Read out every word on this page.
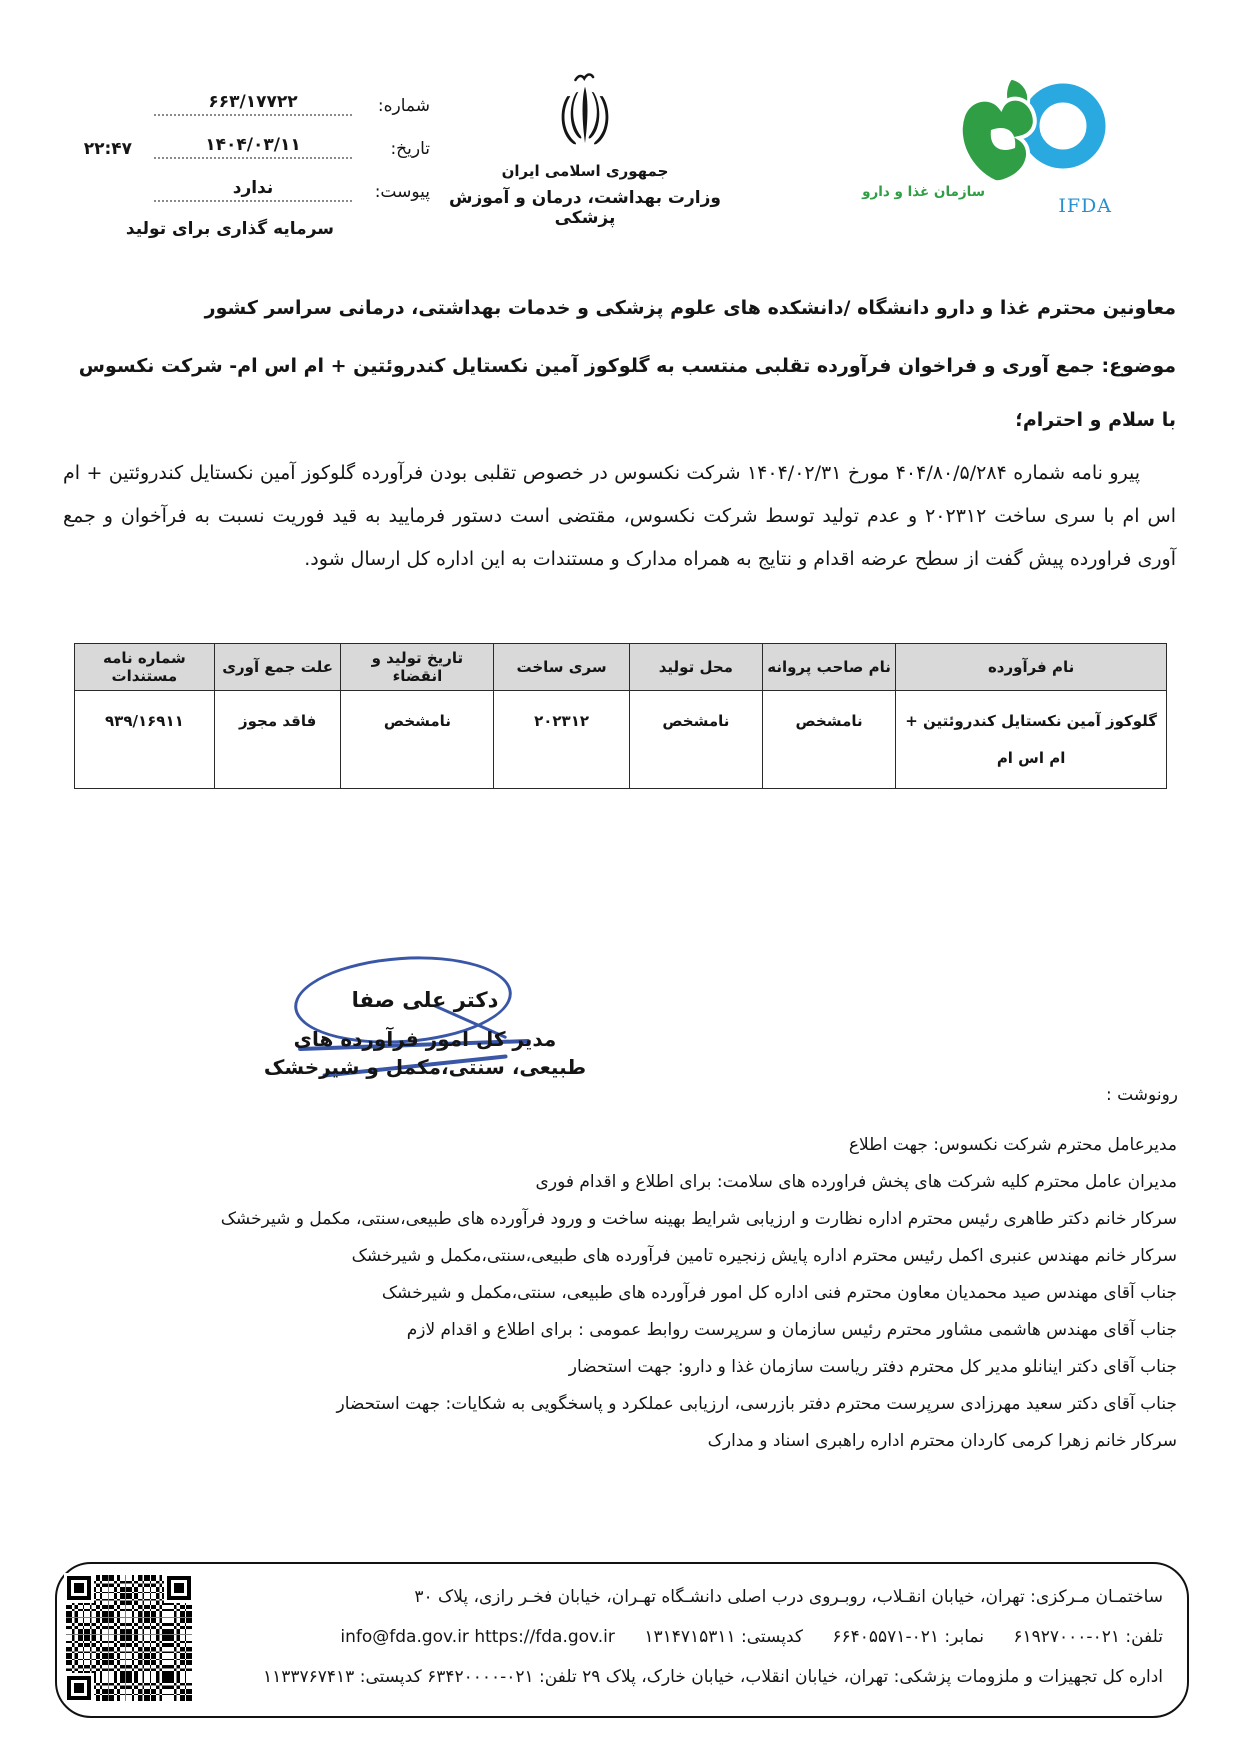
شماره:
۶۶۳/۱۷۷۲۲
تاریخ:
۱۴۰۴/۰۳/۱۱
۲۲:۴۷
پیوست:
ندارد
سرمایه گذاری برای تولید
جمهوری اسلامی ایران
وزارت بهداشت، درمان و آموزش پزشکی
سازمان غذا و دارو
IFDA
معاونین محترم غذا و دارو دانشگاه /دانشکده های علوم پزشکی و خدمات بهداشتی، درمانی سراسر کشور
موضوع: جمع آوری و فراخوان فرآورده تقلبی منتسب به گلوکوز آمین نکستایل کندروئتین + ام اس ام- شرکت نکسوس
با سلام و احترام؛
پیرو نامه شماره ۴۰۴/۸۰/۵/۲۸۴ مورخ ۱۴۰۴/۰۲/۳۱ شرکت نکسوس در خصوص تقلبی بودن فرآورده گلوکوز آمین نکستایل کندروئتین + ام اس ام با سری ساخت ۲۰۲۳۱۲ و عدم تولید توسط شرکت نکسوس، مقتضی است دستور فرمایید به قید فوریت نسبت به فرآخوان و جمع آوری فراورده پیش گفت از سطح عرضه اقدام و نتایج به همراه مدارک و مستندات به این اداره کل ارسال شود.
نام فرآورده	نام صاحب پروانه	محل تولید	سری ساخت	تاریخ تولید و انقضاء	علت جمع آوری	شماره نامه مستندات
گلوکوز آمین نکستایل کندروئتین + ام اس ام	نامشخص	نامشخص	۲۰۲۳۱۲	نامشخص	فاقد مجوز	۹۳۹/۱۶۹۱۱
دکتر علی صفا
مدیر کل امور فرآورده های
طبیعی، سنتی،مکمل و شیرخشک
رونوشت :
مدیرعامل محترم شرکت نکسوس: جهت اطلاع
مدیران عامل محترم کلیه شرکت های پخش فراورده های سلامت: برای اطلاع و اقدام فوری
سرکار خانم دکتر طاهری رئیس محترم اداره نظارت و ارزیابی شرایط بهینه ساخت و ورود فرآورده های طبیعی،سنتی، مکمل و شیرخشک
سرکار خانم مهندس عنبری اکمل رئیس محترم اداره پایش زنجیره تامین فرآورده های طبیعی،سنتی،مکمل و شیرخشک
جناب آقای مهندس صید محمدیان معاون محترم فنی اداره کل امور فرآورده های طبیعی، سنتی،مکمل و شیرخشک
جناب آقای مهندس هاشمی مشاور محترم رئیس سازمان و سرپرست روابط عمومی : برای اطلاع و اقدام لازم
جناب آقای دکتر اینانلو مدیر کل محترم دفتر ریاست سازمان غذا و دارو: جهت استحضار
جناب آقای دکتر سعید مهرزادی سرپرست محترم دفتر بازرسی، ارزیابی عملکرد و پاسخگویی به شکایات: جهت استحضار
سرکار خانم زهرا کرمی کاردان محترم اداره راهبری اسناد و مدارک
ساختمـان مـرکزی: تهران، خیابان انقـلاب، روبـروی درب اصلی دانشـگاه تهـران، خیابان فخـر رازی، پلاک ۳۰
تلفن: ۰۲۱-۶۱۹۲۷۰۰۰ نمابر: ۰۲۱-۶۶۴۰۵۵۷۱ کدپستی: ۱۳۱۴۷۱۵۳۱۱ info@fda.gov.ir https://fda.gov.ir
اداره کل تجهیزات و ملزومات پزشکی: تهران، خیابان انقلاب، خیابان خارک، پلاک ۲۹ تلفن: ۰۲۱-۶۳۴۲۰۰۰۰ کدپستی: ۱۱۳۳۷۶۷۴۱۳
